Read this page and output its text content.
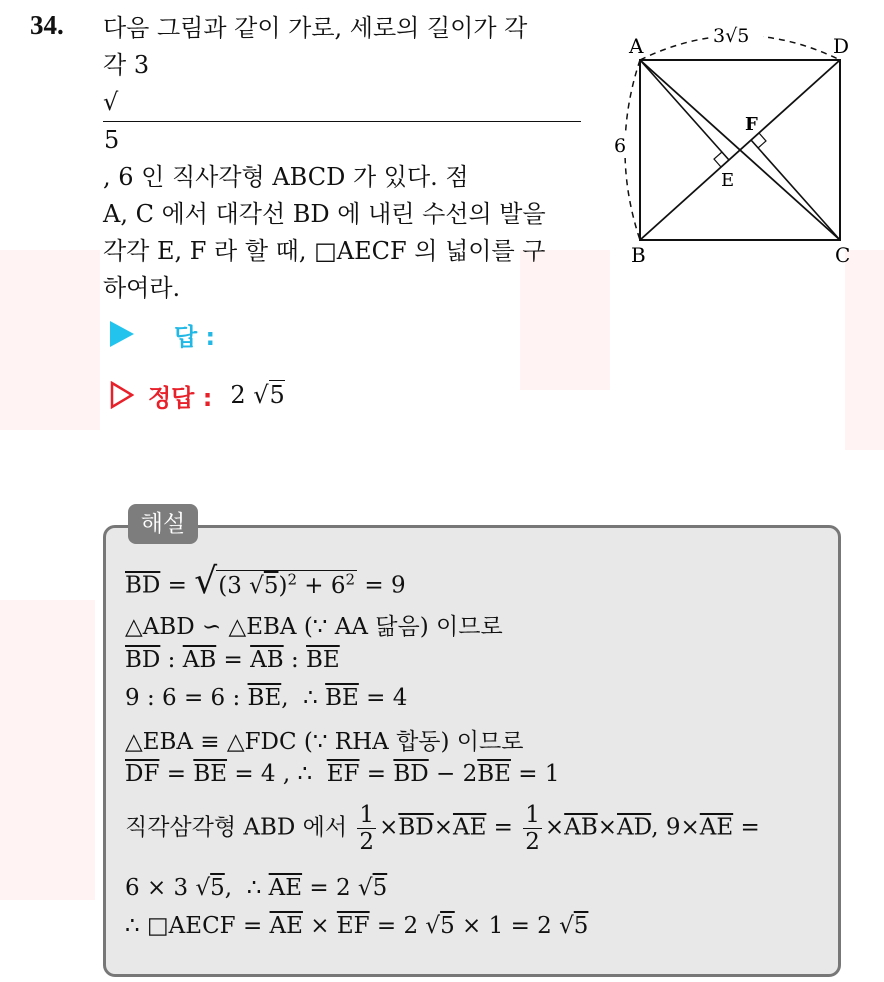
34. 다음 그림과 같이 가로, 세로의 길이가 각
각 3
√
5
, 6 인 직사각형 ABCD 가 있다. 점
A, C 에서 대각선 BD 에 내린 수선의 발을
각각 E, F 라 할 때, □AECF 의 넓이를 구
하여라.
A	D
B	C
E
F
3√5
6
답 :
정답 : 2 √5
해설
$\overline{BD}$ = √ (3 $√5)^2 + 6^2 = 9$
△ABD ∽ △EBA (∵ AA 닮음) 이므로
$\overline{BD}$ : $\overline{AB} = \overline{AB}$ : $\overline{BE}$
9 : 6 = 6 : $\overline{BE}$,  ∴ $\overline{BE} = 4$
△EBA ≡ △FDC (∵ RHA 합동) 이므로
$\overline{DF} = \overline{BE} = 4$ , ∴  $\overline{EF} = \overline{BD} - 2\overline{BE} = 1$
직각삼각형 ABD 에서 $\frac{1}{2} \times\overline{BD}\times\overline{AE} = \frac{1}{2} \times\overline{AB}\times\overline{AD}$, $9\times\overline{AE}$ =
6 × 3 √5,  ∴ $\overline{AE} = 2$ √5
∴ □AECF = $\overline{AE} \times \overline{EF} = 2$ √5 × 1 = 2 √5
